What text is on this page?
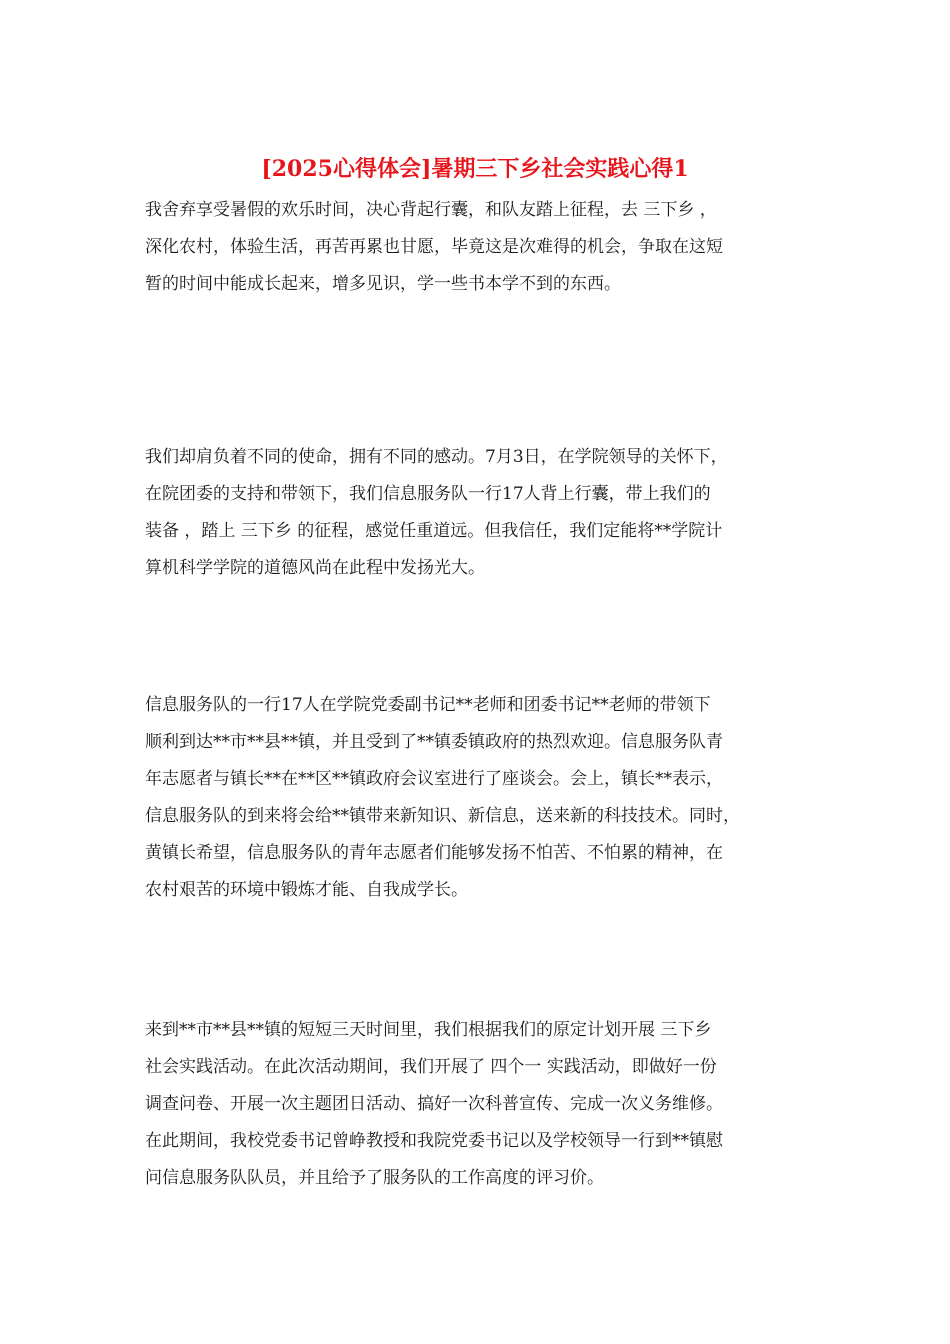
[2025心得体会]暑期三下乡社会实践心得1

我舍弃享受暑假的欢乐时间，决心背起行囊，和队友踏上征程，去 三下乡 ，
深化农村，体验生活，再苦再累也甘愿，毕竟这是次难得的机会，争取在这短
暂的时间中能成长起来，增多见识，学一些书本学不到的东西。

我们却肩负着不同的使命，拥有不同的感动。7月3日，在学院领导的关怀下，
在院团委的支持和带领下，我们信息服务队一行17人背上行囊，带上我们的
装备 ，踏上 三下乡 的征程，感觉任重道远。但我信任，我们定能将**学院计
算机科学学院的道德风尚在此程中发扬光大。

信息服务队的一行17人在学院党委副书记**老师和团委书记**老师的带领下
顺利到达**市**县**镇，并且受到了**镇委镇政府的热烈欢迎。信息服务队青
年志愿者与镇长**在**区**镇政府会议室进行了座谈会。会上，镇长**表示，
信息服务队的到来将会给**镇带来新知识、新信息，送来新的科技技术。同时，
黄镇长希望，信息服务队的青年志愿者们能够发扬不怕苦、不怕累的精神，在
农村艰苦的环境中锻炼才能、自我成学长。

来到**市**县**镇的短短三天时间里，我们根据我们的原定计划开展 三下乡
社会实践活动。在此次活动期间，我们开展了 四个一 实践活动，即做好一份
调查问卷、开展一次主题团日活动、搞好一次科普宣传、完成一次义务维修。
在此期间，我校党委书记曾峥教授和我院党委书记以及学校领导一行到**镇慰
问信息服务队队员，并且给予了服务队的工作高度的评习价。
